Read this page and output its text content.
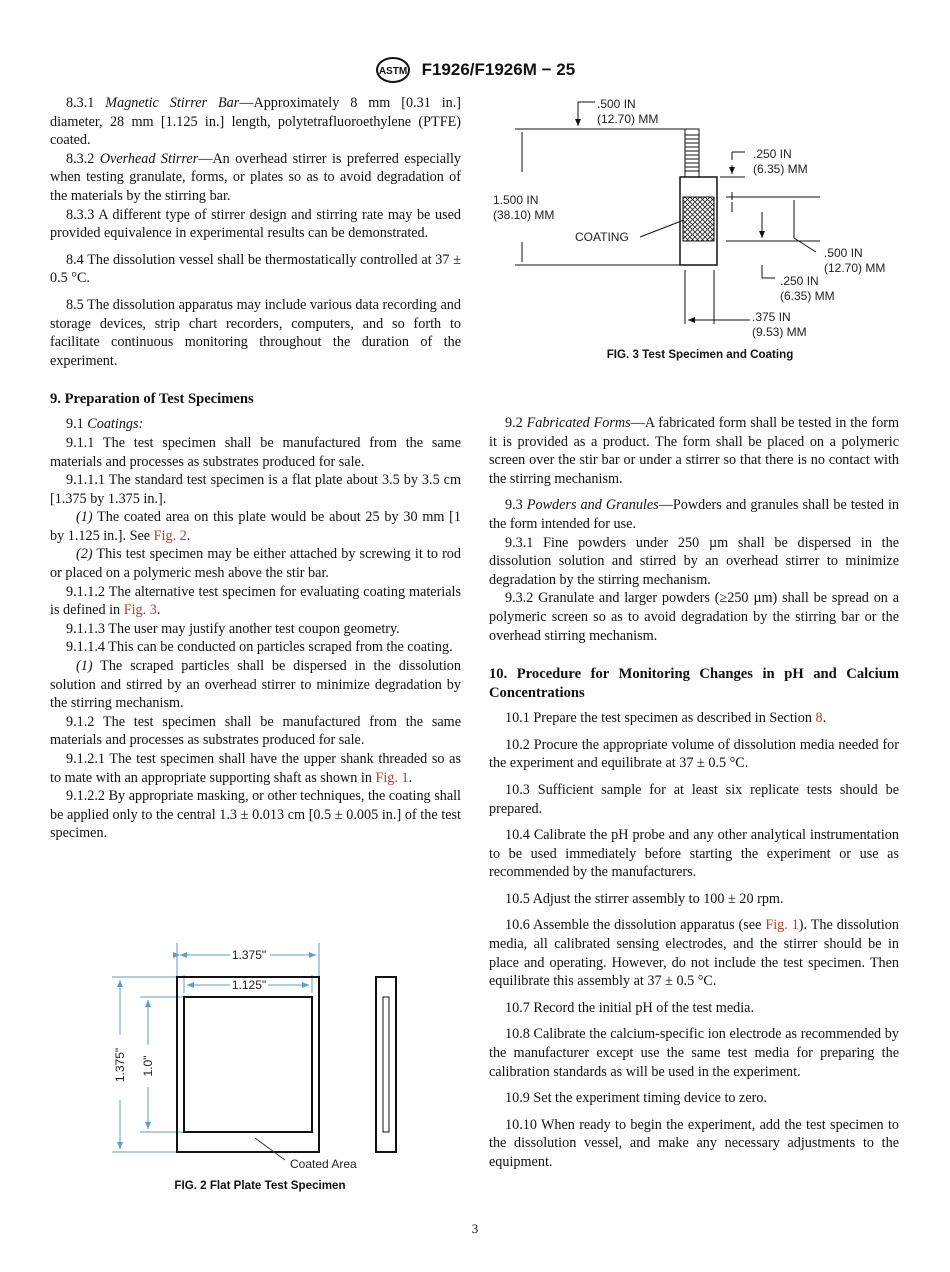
ASTM F1926/F1926M − 25

8.3.1 Magnetic Stirrer Bar—Approximately 8 mm [0.31 in.] diameter, 28 mm [1.125 in.] length, polytetrafluoroethylene (PTFE) coated.

8.3.2 Overhead Stirrer—An overhead stirrer is preferred especially when testing granulate, forms, or plates so as to avoid degradation of the materials by the stirring bar.

8.3.3 A different type of stirrer design and stirring rate may be used provided equivalence in experimental results can be demonstrated.

8.4 The dissolution vessel shall be thermostatically controlled at 37 ± 0.5 °C.

8.5 The dissolution apparatus may include various data recording and storage devices, strip chart recorders, computers, and so forth to facilitate continuous monitoring throughout the duration of the experiment.

9. Preparation of Test Specimens

9.1 Coatings:

9.1.1 The test specimen shall be manufactured from the same materials and processes as substrates produced for sale.

9.1.1.1 The standard test specimen is a flat plate about 3.5 by 3.5 cm [1.375 by 1.375 in.].

(1) The coated area on this plate would be about 25 by 30 mm [1 by 1.125 in.]. See Fig. 2.

(2) This test specimen may be either attached by screwing it to rod or placed on a polymeric mesh above the stir bar.

9.1.1.2 The alternative test specimen for evaluating coating materials is defined in Fig. 3.

9.1.1.3 The user may justify another test coupon geometry.

9.1.1.4 This can be conducted on particles scraped from the coating.

(1) The scraped particles shall be dispersed in the dissolution solution and stirred by an overhead stirrer to minimize degradation by the stirring mechanism.

9.1.2 The test specimen shall be manufactured from the same materials and processes as substrates produced for sale.

9.1.2.1 The test specimen shall have the upper shank threaded so as to mate with an appropriate supporting shaft as shown in Fig. 1.

9.1.2.2 By appropriate masking, or other techniques, the coating shall be applied only to the central 1.3 ± 0.013 cm [0.5 ± 0.005 in.] of the test specimen.

1.375"
1.125"
1.375" 1.0"
Coated Area
FIG. 2 Flat Plate Test Specimen
.500 IN
(12.70) MM
.250 IN
(6.35) MM
1.500 IN
(38.10) MM
COATING
.500 IN
(12.70) MM
.250 IN
(6.35) MM
.375 IN
(9.53) MM
FIG. 3 Test Specimen and Coating

9.2 Fabricated Forms—A fabricated form shall be tested in the form it is provided as a product. The form shall be placed on a polymeric screen over the stir bar or under a stirrer so that there is no contact with the stirring mechanism.

9.3 Powders and Granules—Powders and granules shall be tested in the form intended for use.

9.3.1 Fine powders under 250 µm shall be dispersed in the dissolution solution and stirred by an overhead stirrer to minimize degradation by the stirring mechanism.

9.3.2 Granulate and larger powders (≥250 µm) shall be spread on a polymeric screen so as to avoid degradation by the stirring bar or the overhead stirring mechanism.

10. Procedure for Monitoring Changes in pH and Calcium Concentrations

10.1 Prepare the test specimen as described in Section 8.

10.2 Procure the appropriate volume of dissolution media needed for the experiment and equilibrate at 37 ± 0.5 °C.

10.3 Sufficient sample for at least six replicate tests should be prepared.

10.4 Calibrate the pH probe and any other analytical instrumentation to be used immediately before starting the experiment or use as recommended by the manufacturers.

10.5 Adjust the stirrer assembly to 100 ± 20 rpm.

10.6 Assemble the dissolution apparatus (see Fig. 1). The dissolution media, all calibrated sensing electrodes, and the stirrer should be in place and operating. However, do not include the test specimen. Then equilibrate this assembly at 37 ± 0.5 °C.

10.7 Record the initial pH of the test media.

10.8 Calibrate the calcium-specific ion electrode as recommended by the manufacturer except use the same test media for preparing the calibration standards as will be used in the experiment.

10.9 Set the experiment timing device to zero.

10.10 When ready to begin the experiment, add the test specimen to the dissolution vessel, and make any necessary adjustments to the equipment.

3
